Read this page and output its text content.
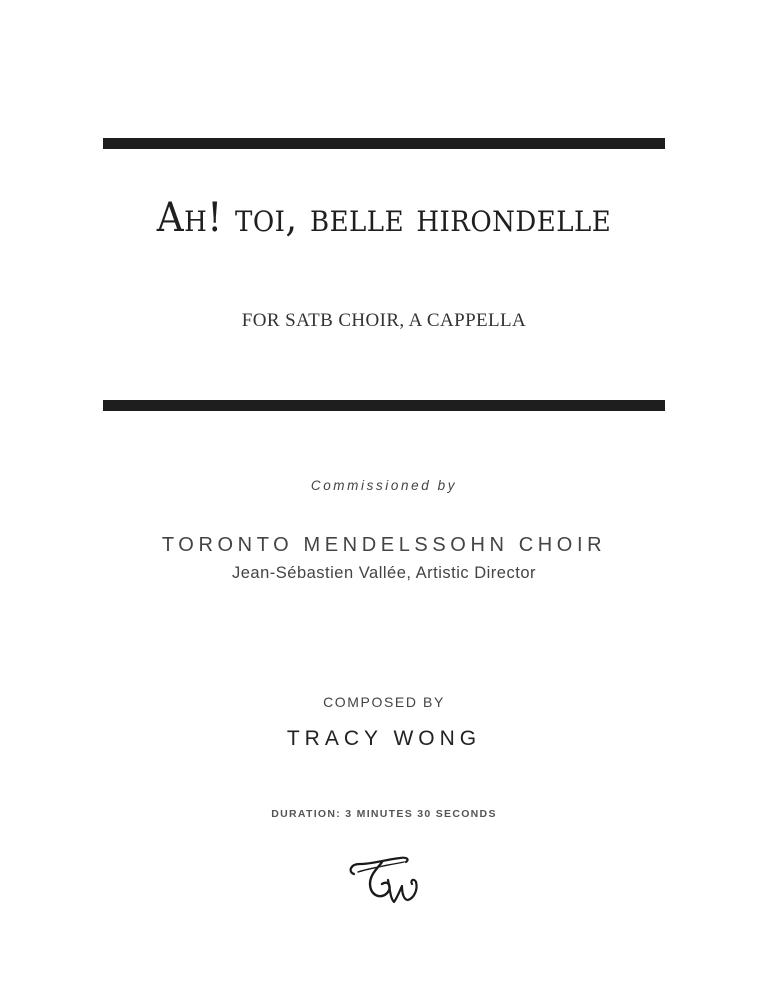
Ah! toi, belle hirondelle
FOR SATB CHOIR, A CAPPELLA
Commissioned by
TORONTO MENDELSSOHN CHOIR
Jean-Sébastien Vallée, Artistic Director
COMPOSED BY
TRACY WONG
DURATION: 3 MINUTES 30 SECONDS
